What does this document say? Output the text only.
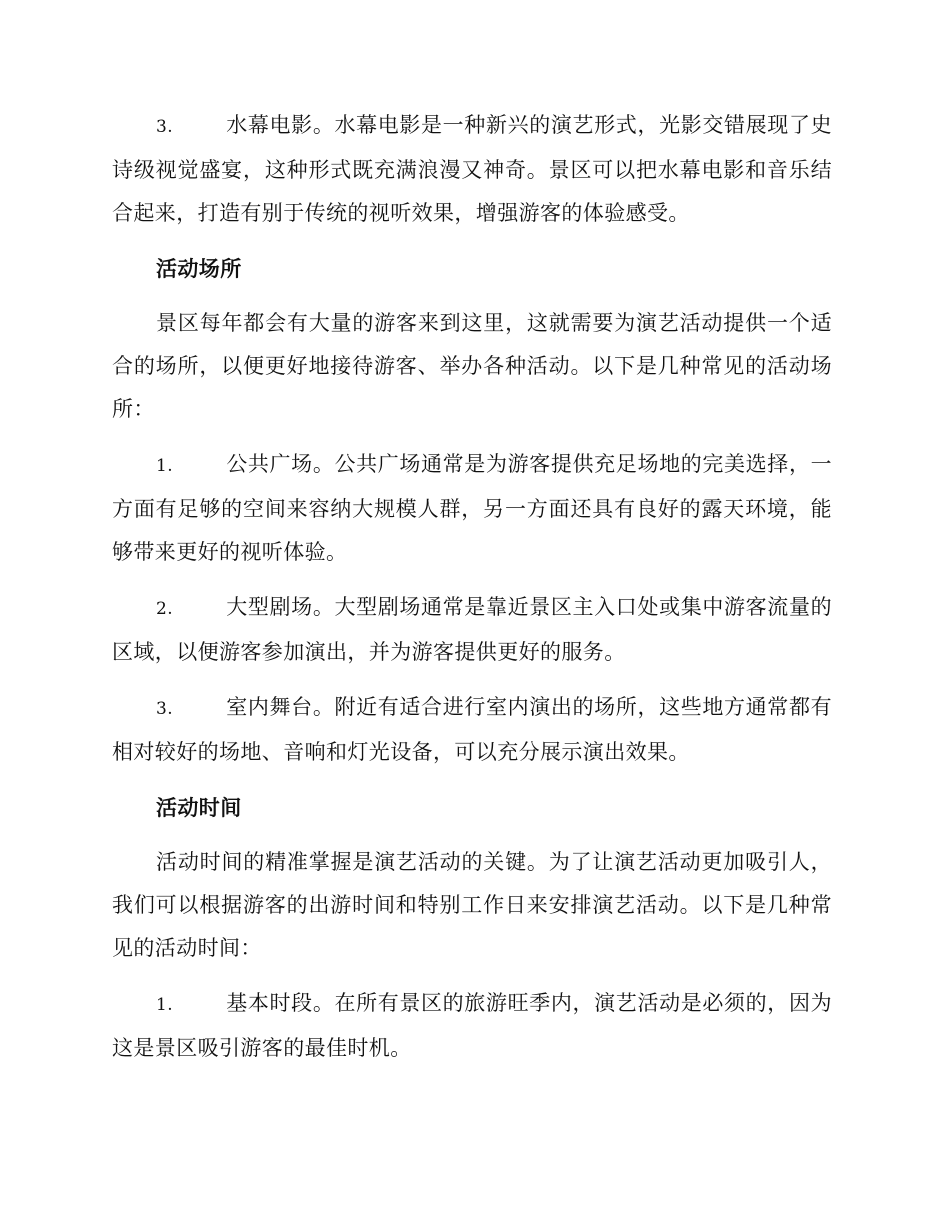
3.	水幕电影。水幕电影是一种新兴的演艺形式，光影交错展现了史诗级视觉盛宴，这种形式既充满浪漫又神奇。景区可以把水幕电影和音乐结合起来，打造有别于传统的视听效果，增强游客的体验感受。

活动场所

景区每年都会有大量的游客来到这里，这就需要为演艺活动提供一个适合的场所，以便更好地接待游客、举办各种活动。以下是几种常见的活动场所：

1.	公共广场。公共广场通常是为游客提供充足场地的完美选择，一方面有足够的空间来容纳大规模人群，另一方面还具有良好的露天环境，能够带来更好的视听体验。

2.	大型剧场。大型剧场通常是靠近景区主入口处或集中游客流量的区域，以便游客参加演出，并为游客提供更好的服务。

3.	室内舞台。附近有适合进行室内演出的场所，这些地方通常都有相对较好的场地、音响和灯光设备，可以充分展示演出效果。

活动时间

活动时间的精准掌握是演艺活动的关键。为了让演艺活动更加吸引人，我们可以根据游客的出游时间和特别工作日来安排演艺活动。以下是几种常见的活动时间：

1.	基本时段。在所有景区的旅游旺季内，演艺活动是必须的，因为这是景区吸引游客的最佳时机。
